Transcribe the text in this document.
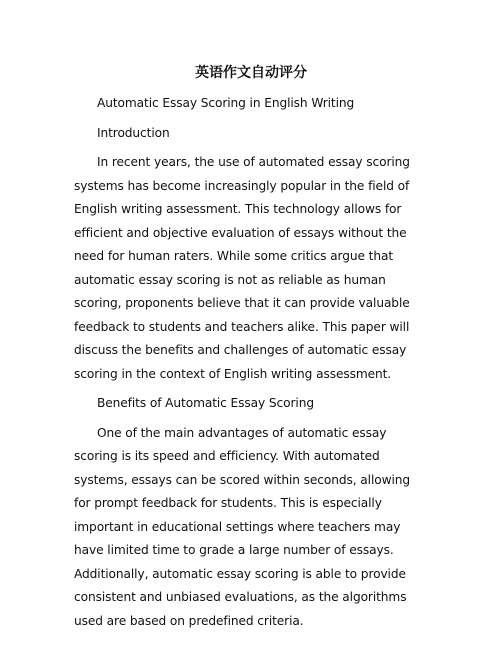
英语作文自动评分

Automatic Essay Scoring in English Writing

Introduction

In recent years, the use of automated essay scoring systems has become increasingly popular in the field of English writing assessment. This technology allows for efficient and objective evaluation of essays without the need for human raters. While some critics argue that automatic essay scoring is not as reliable as human scoring, proponents believe that it can provide valuable feedback to students and teachers alike. This paper will discuss the benefits and challenges of automatic essay scoring in the context of English writing assessment.

Benefits of Automatic Essay Scoring

One of the main advantages of automatic essay scoring is its speed and efficiency. With automated systems, essays can be scored within seconds, allowing for prompt feedback for students. This is especially important in educational settings where teachers may have limited time to grade a large number of essays. Additionally, automatic essay scoring is able to provide consistent and unbiased evaluations, as the algorithms used are based on predefined criteria.
